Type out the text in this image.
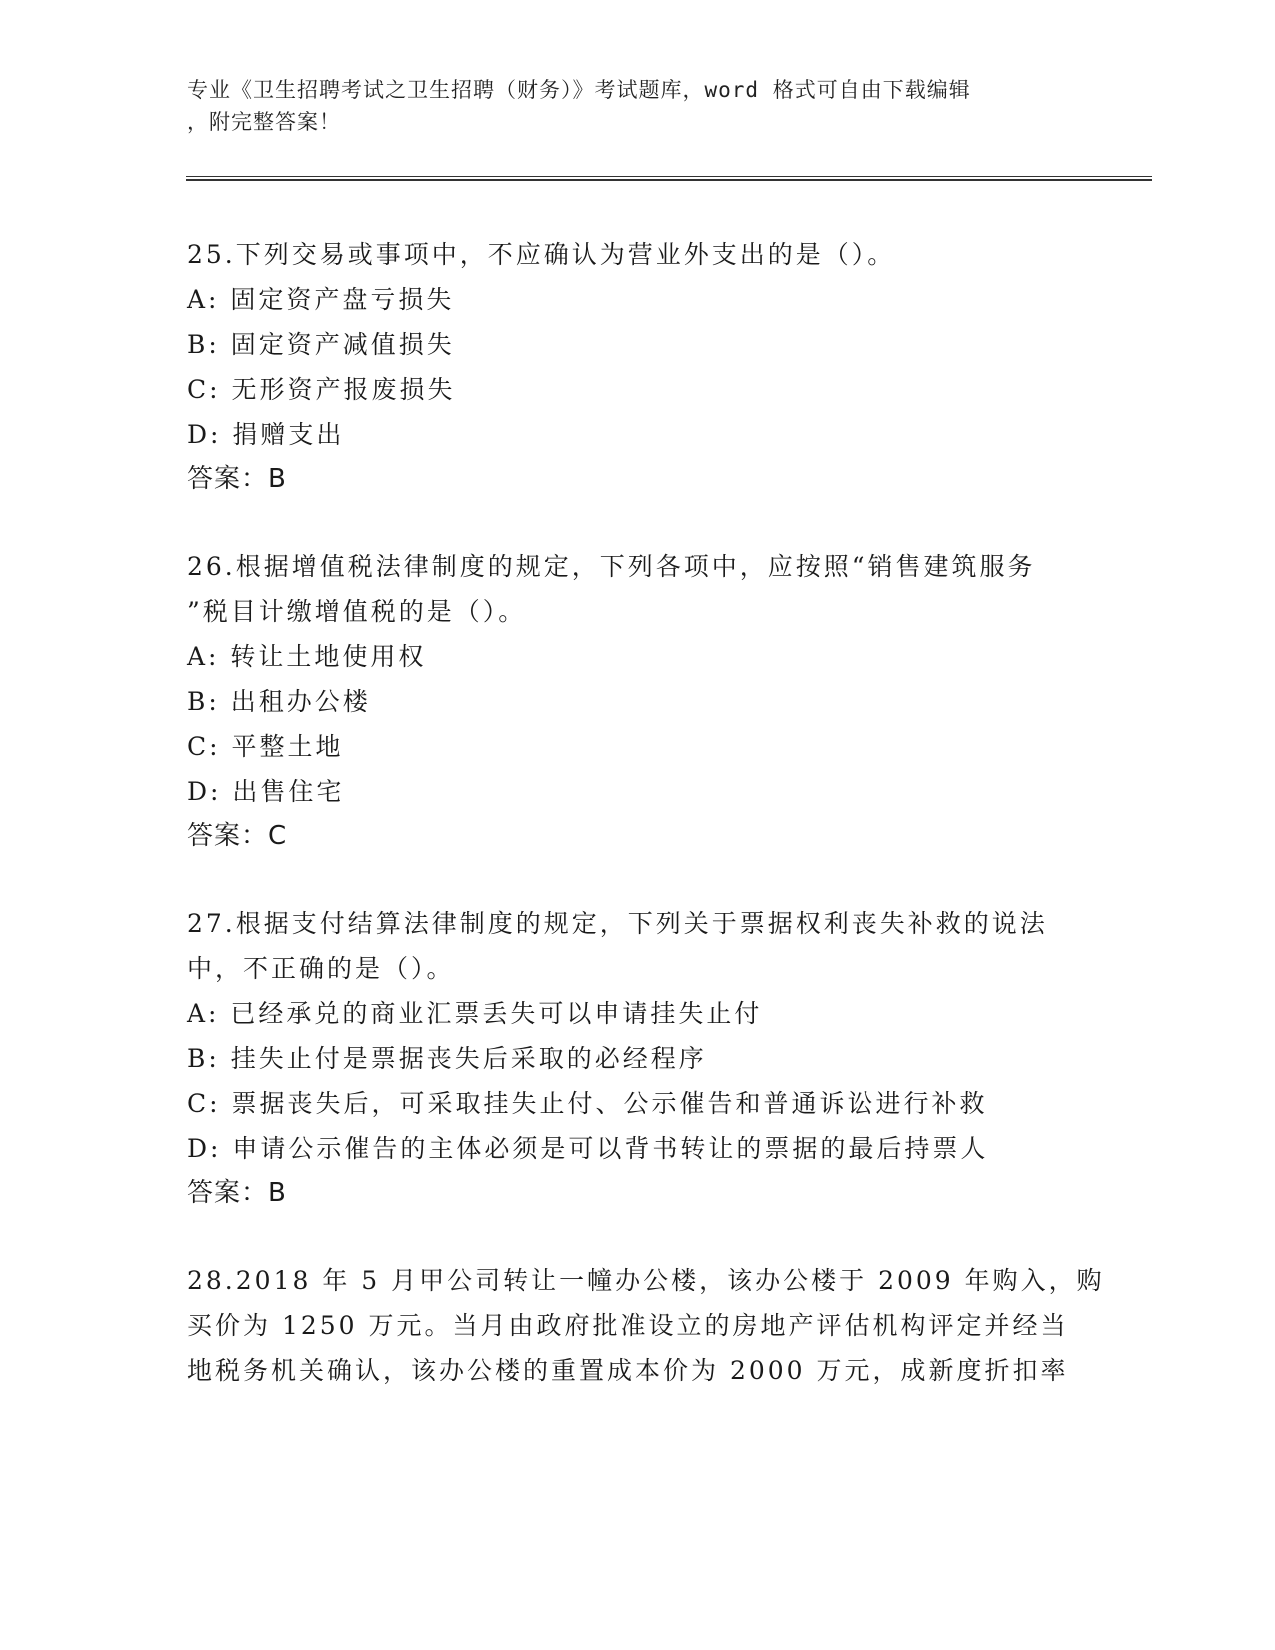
专业《卫生招聘考试之卫生招聘（财务）》考试题库，word 格式可自由下载编辑
，附完整答案！
25.下列交易或事项中，不应确认为营业外支出的是（）。
A: 固定资产盘亏损失
B: 固定资产减值损失
C: 无形资产报废损失
D: 捐赠支出
答案：B
26.根据增值税法律制度的规定，下列各项中，应按照“销售建筑服务
”税目计缴增值税的是（）。
A: 转让土地使用权
B: 出租办公楼
C: 平整土地
D: 出售住宅
答案：C
27.根据支付结算法律制度的规定，下列关于票据权利丧失补救的说法
中，不正确的是（）。
A: 已经承兑的商业汇票丢失可以申请挂失止付
B: 挂失止付是票据丧失后采取的必经程序
C: 票据丧失后，可采取挂失止付、公示催告和普通诉讼进行补救
D: 申请公示催告的主体必须是可以背书转让的票据的最后持票人
答案：B
28.2018 年 5 月甲公司转让一幢办公楼，该办公楼于 2009 年购入，购
买价为 1250 万元。当月由政府批准设立的房地产评估机构评定并经当
地税务机关确认，该办公楼的重置成本价为 2000 万元，成新度折扣率
